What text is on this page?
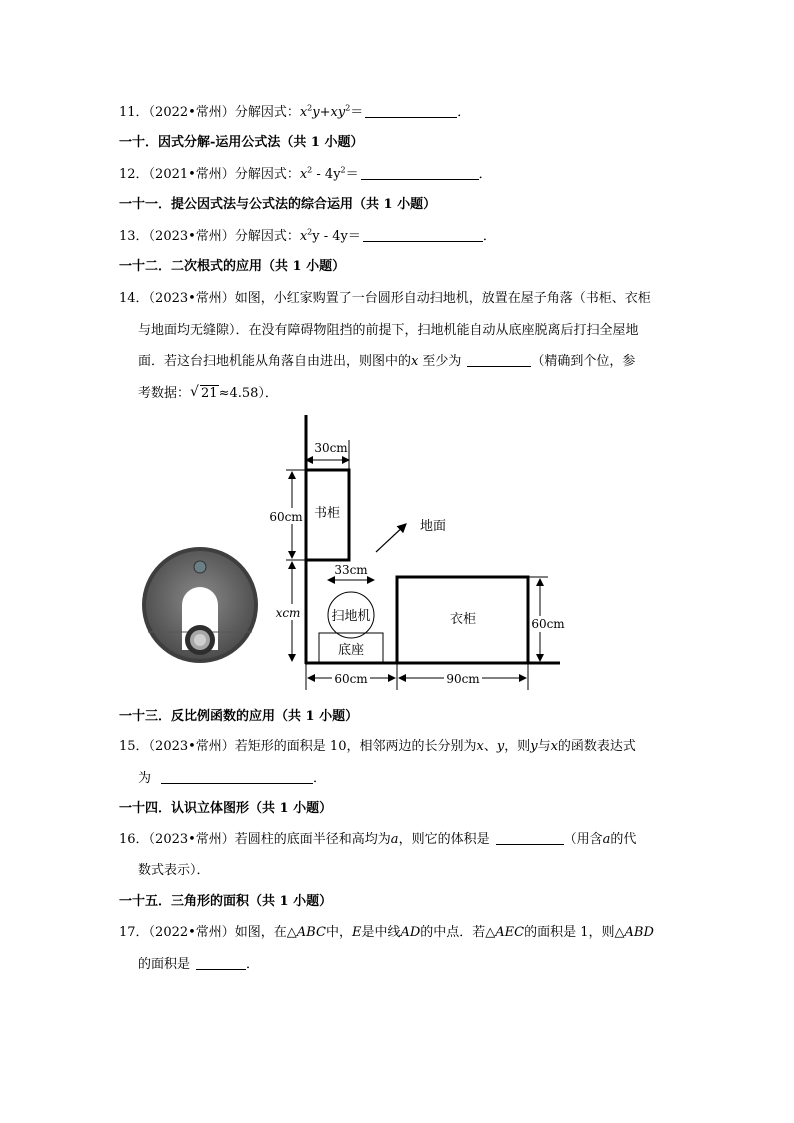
11．（2022•常州）分解因式：$x^2y+xy^2=$	．
一十．因式分解-运用公式法（共 1 小题）
12．（2021•常州）分解因式：$x^2 - 4y^2=$	．
一十一．提公因式法与公式法的综合运用（共 1 小题）
13．（2023•常州）分解因式：$x^2y - 4y=$	．
一十二．二次根式的应用（共 1 小题）
14．（2023•常州）如图，小红家购置了一台圆形自动扫地机，放置在屋子角落（书柜、衣柜
与地面均无缝隙）．在没有障碍物阻挡的前提下，扫地机能自动从底座脱离后打扫全屋地
面．若这台扫地机能从角落自由进出，则图中的x 至少为	（精确到个位，参
考数据：√ 21≈4.58）．
书柜
30cm
60cm
xcm
地面
33cm
扫地机
底座
衣柜	60cm
60cm	90cm
一十三．反比例函数的应用（共 1 小题）
15．（2023•常州）若矩形的面积是 10，相邻两边的长分别为x、y，则y与x的函数表达式
为	．
一十四．认识立体图形（共 1 小题）
16．（2023•常州）若圆柱的底面半径和高均为a，则它的体积是	（用含a的代
数式表示）．
一十五．三角形的面积（共 1 小题）
17．（2022•常州）如图，在△ABC中，E是中线AD的中点．若△AEC的面积是 1，则△ABD
的面积是	．
